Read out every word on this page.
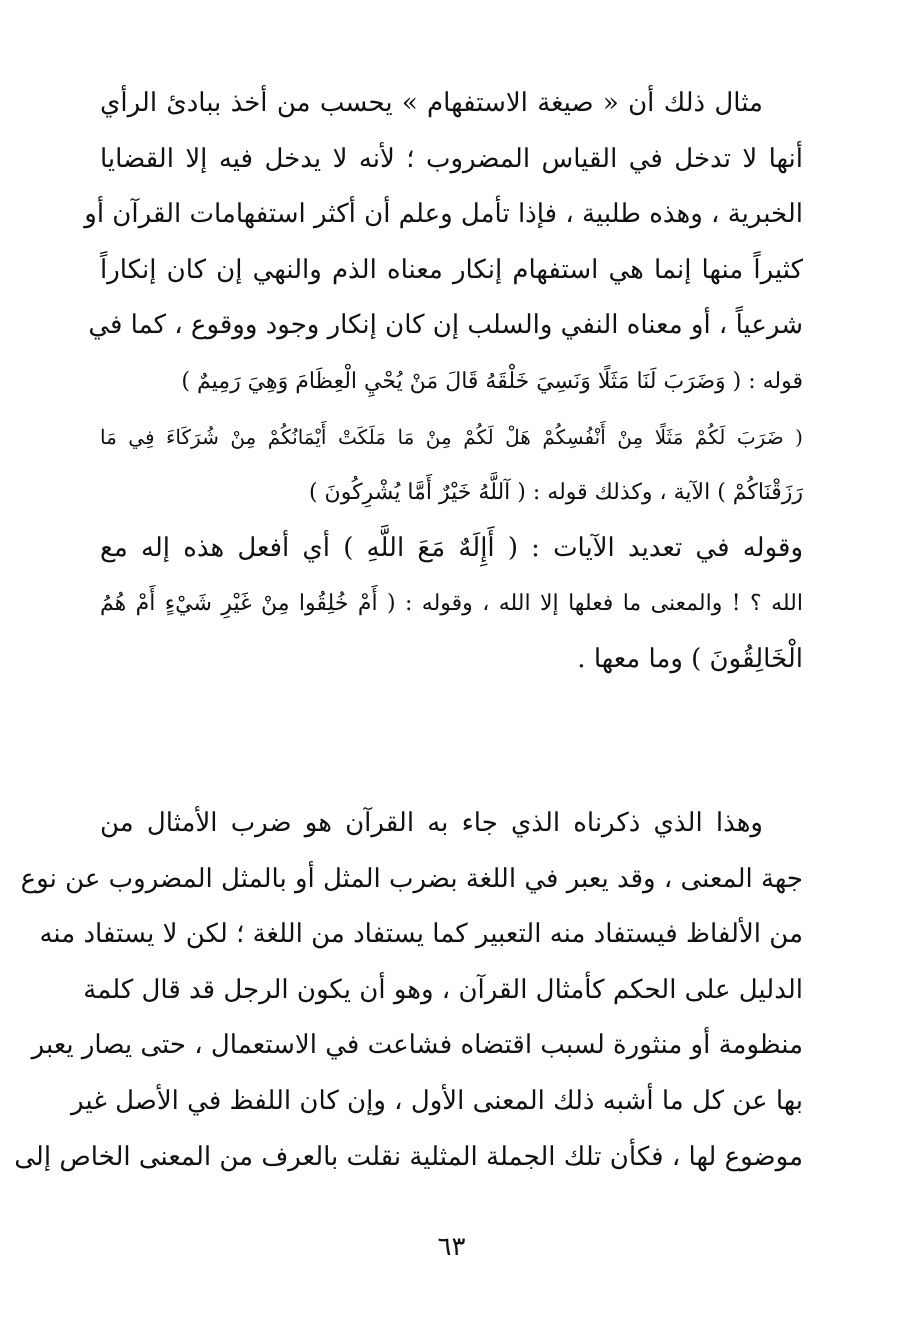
مثال ذلك أن « صيغة الاستفهام » يحسب من أخذ ببادئ الرأي
أنها لا تدخل في القياس المضروب ؛ لأنه لا يدخل فيه إلا القضايا
الخبرية ، وهذه طلبية ، فإذا تأمل وعلم أن أكثر استفهامات القرآن أو
كثيراً منها إنما هي استفهام إنكار معناه الذم والنهي إن كان إنكاراً
شرعياً ، أو معناه النفي والسلب إن كان إنكار وجود ووقوع ، كما في
قوله : ( وَضَرَبَ لَنَا مَثَلًا وَنَسِيَ خَلْقَهُ قَالَ مَنْ يُحْيِ الْعِظَامَ وَهِيَ رَمِيمٌ )
( ضَرَبَ لَكُمْ مَثَلًا مِنْ أَنْفُسِكُمْ هَلْ لَكُمْ مِنْ مَا مَلَكَتْ أَيْمَانُكُمْ مِنْ شُرَكَاءَ فِي مَا
رَزَقْنَاكُمْ ) الآية ، وكذلك قوله : ( آللَّهُ خَيْرٌ أَمَّا يُشْرِكُونَ )
وقوله في تعديد الآيات : ( أَإِلَهٌ مَعَ اللَّهِ ) أي أفعل هذه إله مع
الله ؟ ! والمعنى ما فعلها إلا الله ، وقوله : ( أَمْ خُلِقُوا مِنْ غَيْرِ شَيْءٍ أَمْ هُمُ
الْخَالِقُونَ ) وما معها .
وهذا الذي ذكرناه الذي جاء به القرآن هو ضرب الأمثال من
جهة المعنى ، وقد يعبر في اللغة بضرب المثل أو بالمثل المضروب عن نوع
من الألفاظ فيستفاد منه التعبير كما يستفاد من اللغة ؛ لكن لا يستفاد منه
الدليل على الحكم كأمثال القرآن ، وهو أن يكون الرجل قد قال كلمة
منظومة أو منثورة لسبب اقتضاه فشاعت في الاستعمال ، حتى يصار يعبر
بها عن كل ما أشبه ذلك المعنى الأول ، وإن كان اللفظ في الأصل غير
موضوع لها ، فكأن تلك الجملة المثلية نقلت بالعرف من المعنى الخاص إلى
٦٣
